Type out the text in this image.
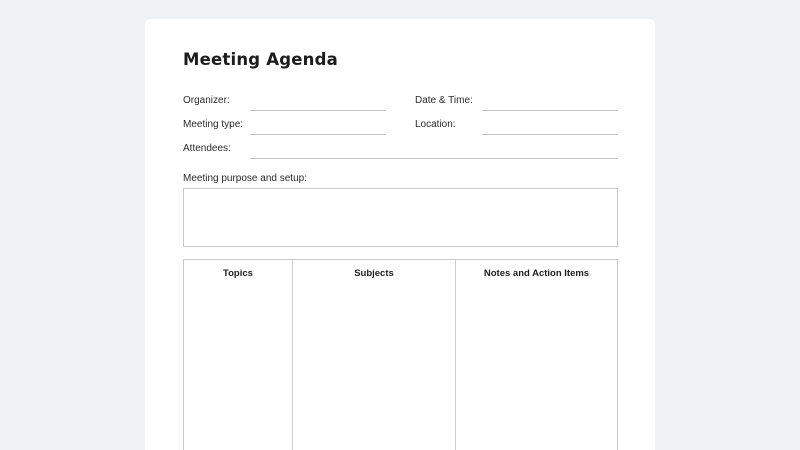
Meeting Agenda
Organizer:	Date & Time:
Meeting type:	Location:
Attendees:
Meeting purpose and setup:
Topics	Subjects	Notes and Action Items
